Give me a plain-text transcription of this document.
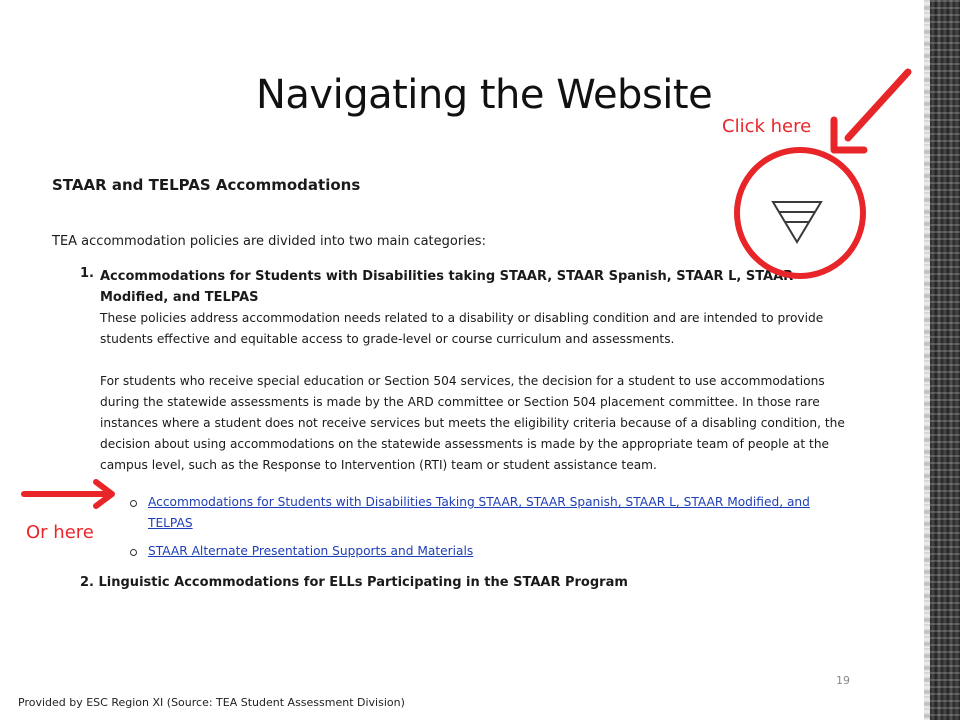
Navigating the Website
Click here
Or here
STAAR and TELPAS Accommodations

TEA accommodation policies are divided into two main categories:

1. Accommodations for Students with Disabilities taking STAAR, STAAR Spanish, STAAR L, STAAR Modified, and TELPAS

These policies address accommodation needs related to a disability or disabling condition and are intended to provide students effective and equitable access to grade-level or course curriculum and assessments.

For students who receive special education or Section 504 services, the decision for a student to use accommodations during the statewide assessments is made by the ARD committee or Section 504 placement committee. In those rare instances where a student does not receive services but meets the eligibility criteria because of a disabling condition, the decision about using accommodations on the statewide assessments is made by the appropriate team of people at the campus level, such as the Response to Intervention (RTI) team or student assistance team.

Accommodations for Students with Disabilities Taking STAAR, STAAR Spanish, STAAR L, STAAR Modified, and TELPAS
STAAR Alternate Presentation Supports and Materials
2. Linguistic Accommodations for ELLs Participating in the STAAR Program
19
Provided by ESC Region XI (Source: TEA Student Assessment Division)
